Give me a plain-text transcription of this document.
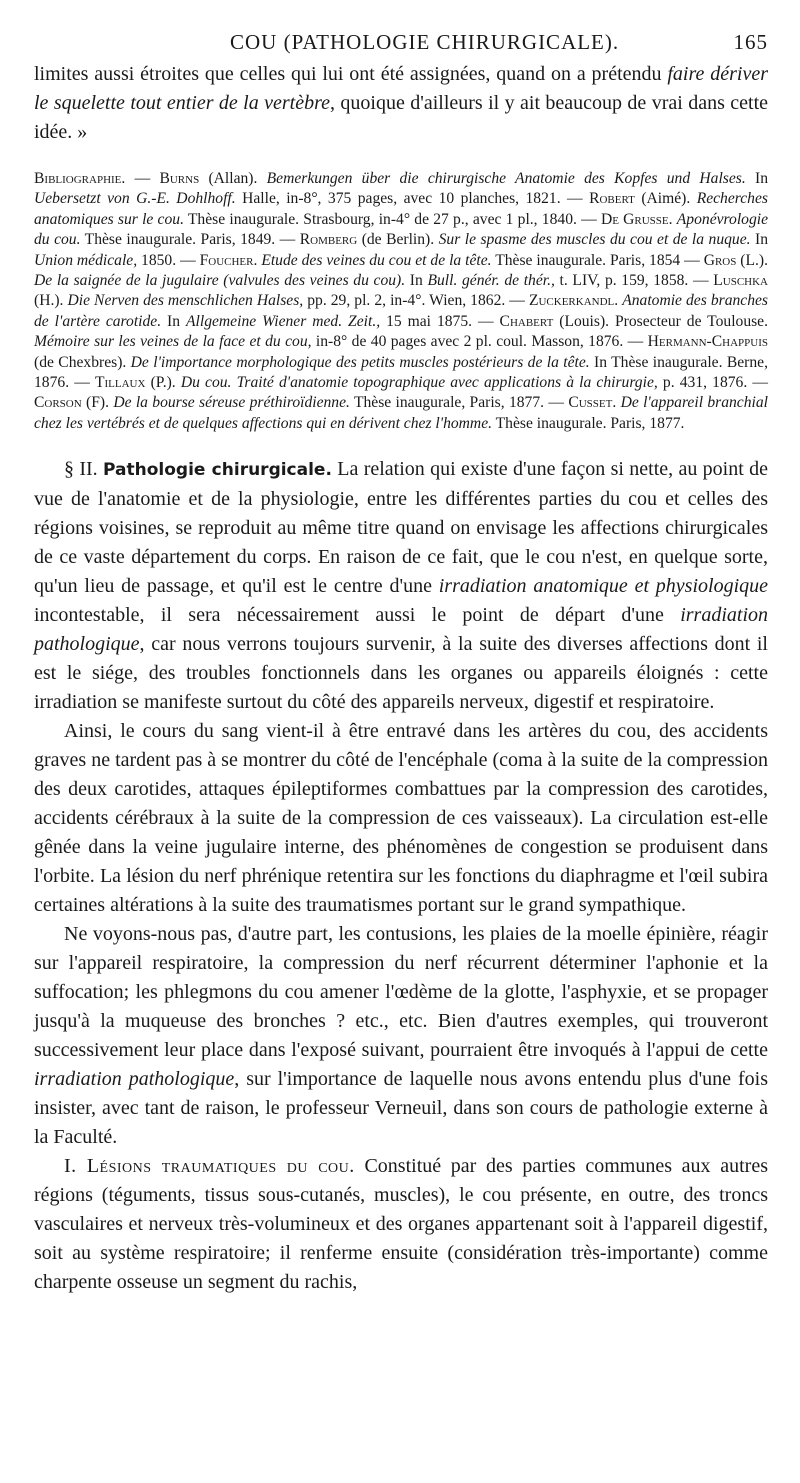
COU (PATHOLOGIE CHIRURGICALE).	165

limites aussi étroites que celles qui lui ont été assignées, quand on a prétendu faire dériver le squelette tout entier de la vertèbre, quoique d'ailleurs il y ait beaucoup de vrai dans cette idée. »

Bibliographie. — Burns (Allan). Bemerkungen über die chirurgische Anatomie des Kopfes und Halses. In Uebersetzt von G.-E. Dohlhoff. Halle, in-8°, 375 pages, avec 10 planches, 1821. — Robert (Aimé). Recherches anatomiques sur le cou. Thèse inaugurale. Strasbourg, in-4° de 27 p., avec 1 pl., 1840. — De Grusse. Aponévrologie du cou. Thèse inaugurale. Paris, 1849. — Romberg (de Berlin). Sur le spasme des muscles du cou et de la nuque. In Union médicale, 1850. — Foucher. Etude des veines du cou et de la tête. Thèse inaugurale. Paris, 1854 — Gros (L.). De la saignée de la jugulaire (valvules des veines du cou). In Bull. génér. de thér., t. LIV, p. 159, 1858. — Luschka (H.). Die Nerven des menschlichen Halses, pp. 29, pl. 2, in-4°. Wien, 1862. — Zuckerkandl. Anatomie des branches de l'artère carotide. In Allgemeine Wiener med. Zeit., 15 mai 1875. — Chabert (Louis). Prosecteur de Toulouse. Mémoire sur les veines de la face et du cou, in-8° de 40 pages avec 2 pl. coul. Masson, 1876. — Hermann-Chappuis (de Chexbres). De l'importance morphologique des petits muscles postérieurs de la tête. In Thèse inaugurale. Berne, 1876. — Tillaux (P.). Du cou. Traité d'anatomie topographique avec applications à la chirurgie, p. 431, 1876. — Corson (F). De la bourse séreuse préthiroïdienne. Thèse inaugurale, Paris, 1877. — Cusset. De l'appareil branchial chez les vertébrés et de quelques affections qui en dérivent chez l'homme. Thèse inaugurale. Paris, 1877.

§ II. Pathologie chirurgicale. La relation qui existe d'une façon si nette, au point de vue de l'anatomie et de la physiologie, entre les différentes parties du cou et celles des régions voisines, se reproduit au même titre quand on envisage les affections chirurgicales de ce vaste département du corps. En raison de ce fait, que le cou n'est, en quelque sorte, qu'un lieu de passage, et qu'il est le centre d'une irradiation anatomique et physiologique incontestable, il sera nécessairement aussi le point de départ d'une irradiation pathologique, car nous verrons toujours survenir, à la suite des diverses affections dont il est le siége, des troubles fonctionnels dans les organes ou appareils éloignés : cette irradiation se manifeste surtout du côté des appareils nerveux, digestif et respiratoire.

Ainsi, le cours du sang vient-il à être entravé dans les artères du cou, des accidents graves ne tardent pas à se montrer du côté de l'encéphale (coma à la suite de la compression des deux carotides, attaques épileptiformes combattues par la compression des carotides, accidents cérébraux à la suite de la compression de ces vaisseaux). La circulation est-elle gênée dans la veine jugulaire interne, des phénomènes de congestion se produisent dans l'orbite. La lésion du nerf phrénique retentira sur les fonctions du diaphragme et l'œil subira certaines altérations à la suite des traumatismes portant sur le grand sympathique.

Ne voyons-nous pas, d'autre part, les contusions, les plaies de la moelle épinière, réagir sur l'appareil respiratoire, la compression du nerf récurrent déterminer l'aphonie et la suffocation; les phlegmons du cou amener l'œdème de la glotte, l'asphyxie, et se propager jusqu'à la muqueuse des bronches ? etc., etc. Bien d'autres exemples, qui trouveront successivement leur place dans l'exposé suivant, pourraient être invoqués à l'appui de cette irradiation pathologique, sur l'importance de laquelle nous avons entendu plus d'une fois insister, avec tant de raison, le professeur Verneuil, dans son cours de pathologie externe à la Faculté.

I. Lésions traumatiques du cou. Constitué par des parties communes aux autres régions (téguments, tissus sous-cutanés, muscles), le cou présente, en outre, des troncs vasculaires et nerveux très-volumineux et des organes appartenant soit à l'appareil digestif, soit au système respiratoire; il renferme ensuite (considération très-importante) comme charpente osseuse un segment du rachis,
